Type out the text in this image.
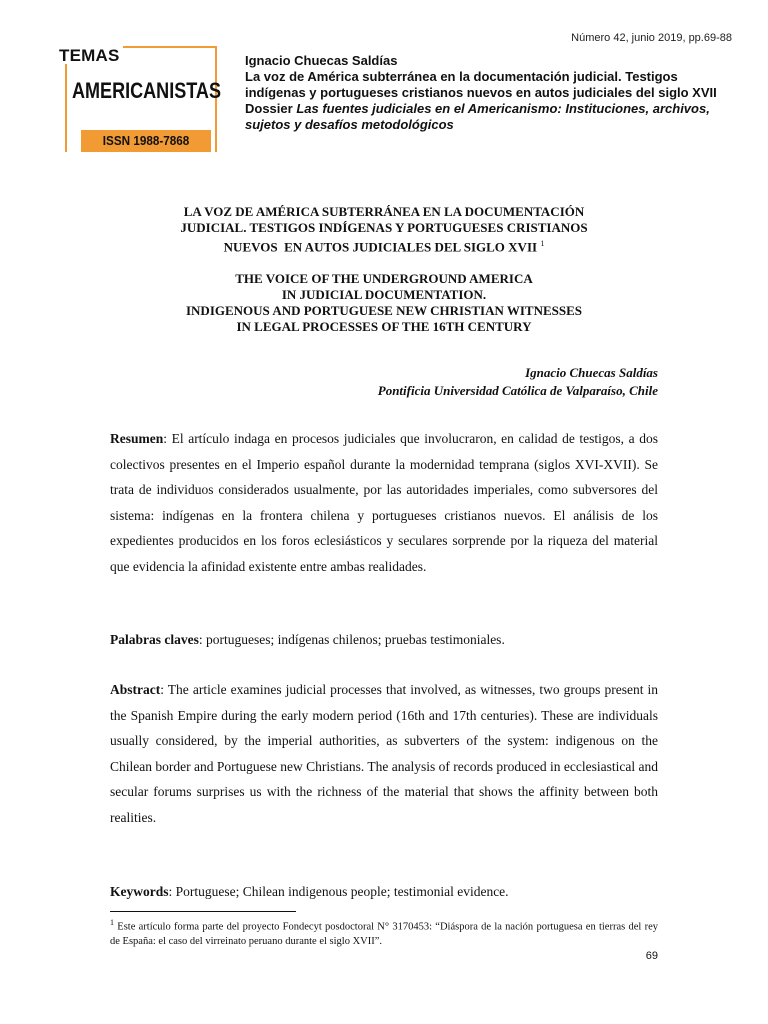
Número 42, junio 2019, pp.69-88
TEMAS
AMERICANISTAS
ISSN 1988-7868
Ignacio Chuecas Saldías
La voz de América subterránea en la documentación judicial. Testigos indígenas y portugueses cristianos nuevos en autos judiciales del siglo XVII
Dossier Las fuentes judiciales en el Americanismo: Instituciones, archivos, sujetos y desafíos metodológicos
LA VOZ DE AMÉRICA SUBTERRÁNEA EN LA DOCUMENTACIÓN
JUDICIAL. TESTIGOS INDÍGENAS Y PORTUGUESES CRISTIANOS
NUEVOS  EN AUTOS JUDICIALES DEL SIGLO XVII $^1$
THE VOICE OF THE UNDERGROUND AMERICA
IN JUDICIAL DOCUMENTATION.
INDIGENOUS AND PORTUGUESE NEW CHRISTIAN WITNESSES
IN LEGAL PROCESSES OF THE 16TH CENTURY
Ignacio Chuecas Saldías
Pontificia Universidad Católica de Valparaíso, Chile
Resumen: El artículo indaga en procesos judiciales que involucraron, en calidad de testigos, a dos colectivos presentes en el Imperio español durante la modernidad temprana (siglos XVI-XVII). Se trata de individuos considerados usualmente, por las autoridades imperiales, como subversores del sistema: indígenas en la frontera chilena y portugueses cristianos nuevos. El análisis de los expedientes producidos en los foros eclesiásticos y seculares sorprende por la riqueza del material que evidencia la afinidad existente entre ambas realidades.
Palabras claves: portugueses; indígenas chilenos; pruebas testimoniales.
Abstract: The article examines judicial processes that involved, as witnesses, two groups present in the Spanish Empire during the early modern period (16th and 17th centuries). These are individuals usually considered, by the imperial authorities, as subverters of the system: indigenous on the Chilean border and Portuguese new Christians. The analysis of records produced in ecclesiastical and secular forums surprises us with the richness of the material that shows the affinity between both realities.
Keywords: Portuguese; Chilean indigenous people; testimonial evidence.
$^1$ Este artículo forma parte del proyecto Fondecyt posdoctoral N° 3170453: “Diáspora de la nación portuguesa en tierras del rey de España: el caso del virreinato peruano durante el siglo XVII”.
69
